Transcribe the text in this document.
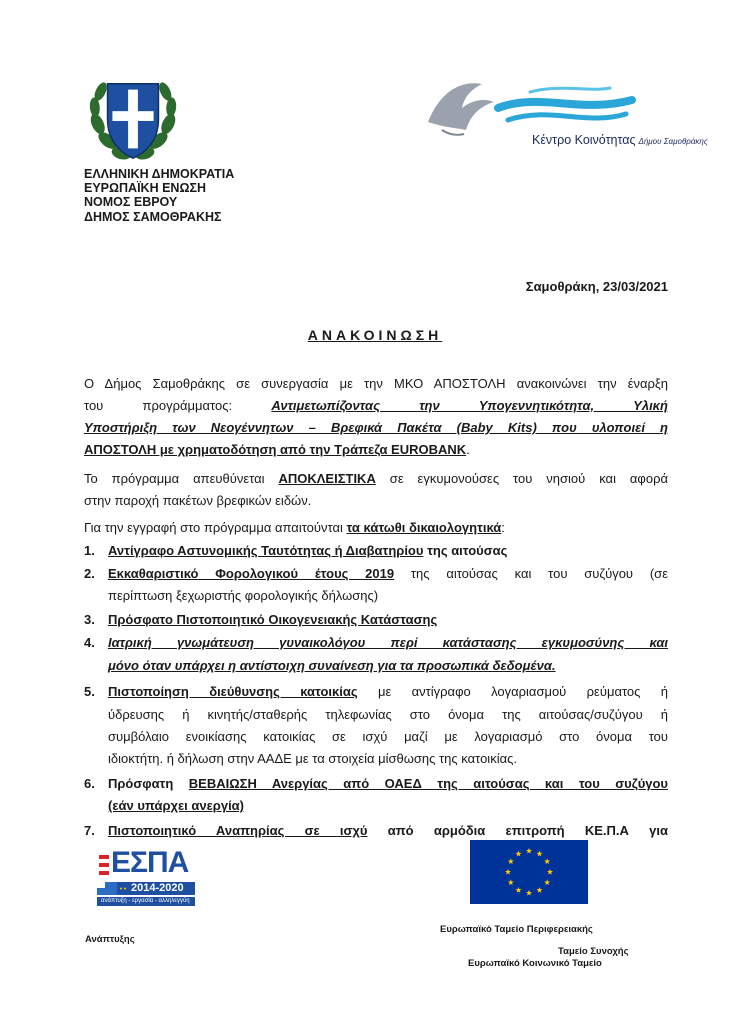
ΕΛΛΗΝΙΚΗ ΔΗΜΟΚΡΑΤΙΑ
ΕΥΡΩΠΑΪΚΗ ΕΝΩΣΗ
ΝΟΜΟΣ ΕΒΡΟΥ
ΔΗΜΟΣ ΣΑΜΟΘΡΑΚΗΣ
Κέντρο Κοινότητας Δήμου Σαμοθράκης
Σαμοθράκη, 23/03/2021
ΑΝΑΚΟΙΝΩΣΗ
Ο Δήμος Σαμοθράκης σε συνεργασία με την ΜΚΟ ΑΠΟΣΤΟΛΗ ανακοινώνει την έναρξη
του προγράμματος:	Αντιμετωπίζοντας την Υπογεννητικότητα, Υλική
Υποστήριξη των Νεογέννητων – Βρεφικά Πακέτα (Baby Kits) που υλοποιεί η
ΑΠΟΣΤΟΛΗ με χρηματοδότηση από την Τράπεζα EUROBANK.
Το πρόγραμμα απευθύνεται ΑΠΟΚΛΕΙΣΤΙΚΑ σε εγκυμονούσες του νησιού και αφορά
στην παροχή πακέτων βρεφικών ειδών.
Για την εγγραφή στο πρόγραμμα απαιτούνται τα κάτωθι δικαιολογητικά:
1. Αντίγραφο Αστυνομικής Ταυτότητας ή Διαβατηρίου της αιτούσας
2. Εκκαθαριστικό Φορολογικού έτους 2019 της αιτούσας και του συζύγου (σε
περίπτωση ξεχωριστής φορολογικής δήλωσης)
3. Πρόσφατο Πιστοποιητικό Οικογενειακής Κατάστασης
4. Ιατρική γνωμάτευση γυναικολόγου περί κατάστασης εγκυμοσύνης και
μόνο όταν υπάρχει η αντίστοιχη συναίνεση για τα προσωπικά δεδομένα.
5. Πιστοποίηση διεύθυνσης κατοικίας με αντίγραφο λογαριασμού ρεύματος ή
ύδρευσης ή κινητής/σταθερής τηλεφωνίας στο όνομα της αιτούσας/συζύγου ή
συμβόλαιο ενοικίασης κατοικίας σε ισχύ μαζί με λογαριασμό στο όνομα του
ιδιοκτήτη. ή δήλωση στην ΑΑΔΕ με τα στοιχεία μίσθωσης της κατοικίας.
6. Πρόσφατη ΒΕΒΑΙΩΣΗ Ανεργίας από ΟΑΕΔ της αιτούσας και του συζύγου
(εάν υπάρχει ανεργία)
7. Πιστοποιητικό Αναπηρίας σε ισχύ από αρμόδια επιτροπή ΚΕ.Π.Α για
ΕΣΠΑ
2014-2020
ανάπτυξη - εργασία - αλληλεγγύη
Ανάπτυξης
Ευρωπαϊκό Ταμείο Περιφερειακής
Ταμείο Συνοχής
Ευρωπαϊκό Κοινωνικό Ταμείο
